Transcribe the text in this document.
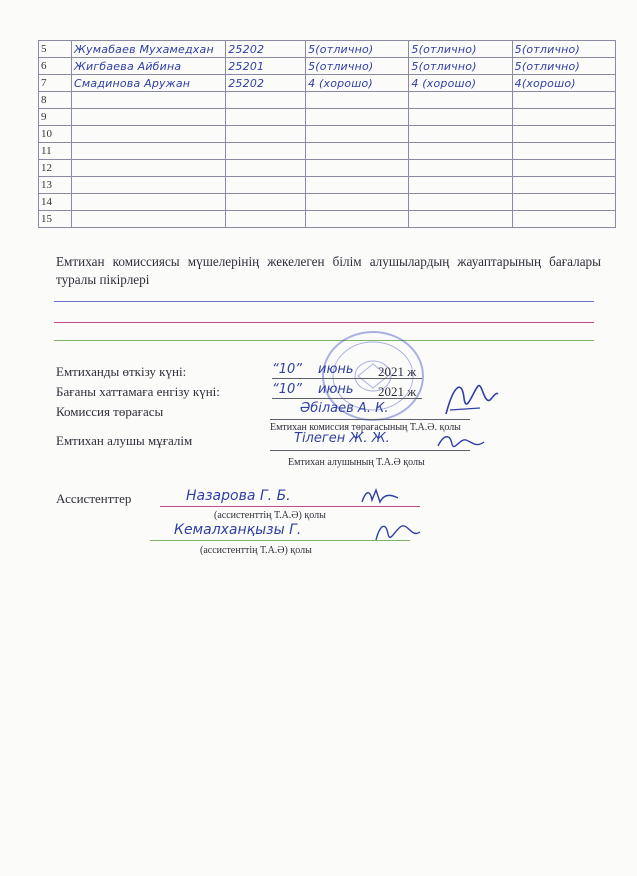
5	Жумабаев Мухамедхан	25202	5(отлично)	5(отлично)	5(отлично)
6	Жигбаева Айбина	25201	5(отлично)	5(отлично)	5(отлично)
7	Смадинова Аружан	25202	4 (хорошо)	4 (хорошо)	4(хорошо)
8					
9					
10					
11					
12					
13					
14					
15					
Емтихан комиссиясы мүшелерінің жекелеген білім алушылардың жауаптарының бағалары туралы пікірлері
Емтиханды өткізу күні:	“10” июнь 2021 ж
Бағаны хаттамаға енгізу күні:	“10” июнь 2021 ж
Комиссия төрағасы	Әбілаев А. К.
Емтихан комиссия төрағасының Т.А.Ә. қолы
Емтихан алушы мұғалім	Тілеген Ж. Ж.
Емтихан алушының Т.А.Ә қолы
Ассистенттер	Назарова Г. Б.
(ассистенттің Т.А.Ә) қолы
Кемалханқызы Г.
(ассистенттің Т.А.Ә) қолы
